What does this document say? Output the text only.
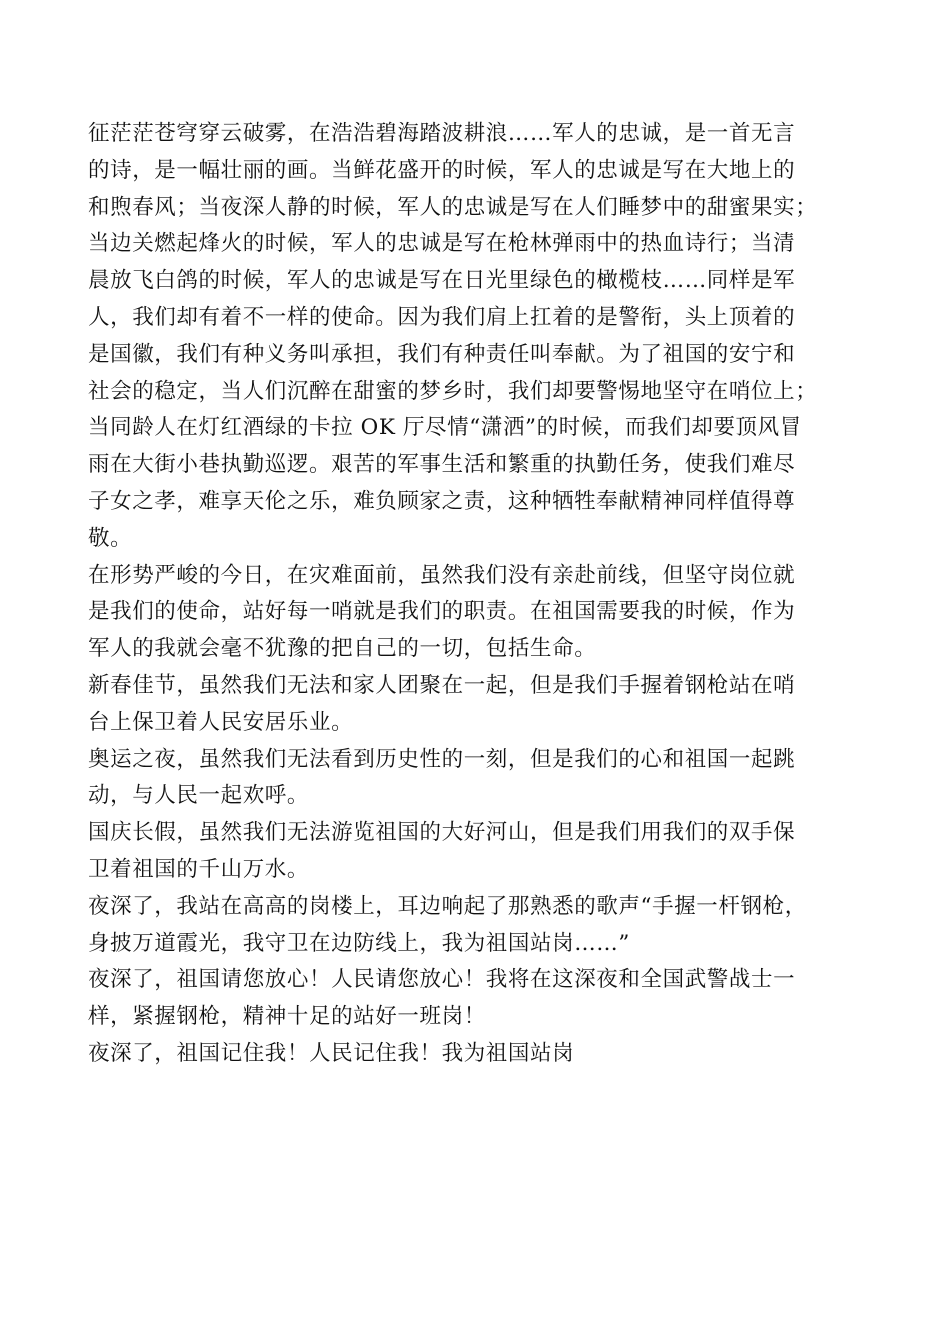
征茫茫苍穹穿云破雾，在浩浩碧海踏波耕浪……军人的忠诚，是一首无言
的诗，是一幅壮丽的画。当鲜花盛开的时候，军人的忠诚是写在大地上的
和煦春风；当夜深人静的时候，军人的忠诚是写在人们睡梦中的甜蜜果实；
当边关燃起烽火的时候，军人的忠诚是写在枪林弹雨中的热血诗行；当清
晨放飞白鸽的时候，军人的忠诚是写在日光里绿色的橄榄枝……同样是军
人，我们却有着不一样的使命。因为我们肩上扛着的是警衔，头上顶着的
是国徽，我们有种义务叫承担，我们有种责任叫奉献。为了祖国的安宁和
社会的稳定，当人们沉醉在甜蜜的梦乡时，我们却要警惕地坚守在哨位上；
当同龄人在灯红酒绿的卡拉 OK 厅尽情“潇洒”的时候，而我们却要顶风冒
雨在大街小巷执勤巡逻。艰苦的军事生活和繁重的执勤任务，使我们难尽
子女之孝，难享天伦之乐，难负顾家之责，这种牺牲奉献精神同样值得尊
敬。
在形势严峻的今日，在灾难面前，虽然我们没有亲赴前线，但坚守岗位就
是我们的使命，站好每一哨就是我们的职责。在祖国需要我的时候，作为
军人的我就会毫不犹豫的把自己的一切，包括生命。
新春佳节，虽然我们无法和家人团聚在一起，但是我们手握着钢枪站在哨
台上保卫着人民安居乐业。
奥运之夜，虽然我们无法看到历史性的一刻，但是我们的心和祖国一起跳
动，与人民一起欢呼。
国庆长假，虽然我们无法游览祖国的大好河山，但是我们用我们的双手保
卫着祖国的千山万水。
夜深了，我站在高高的岗楼上，耳边响起了那熟悉的歌声“手握一杆钢枪，
身披万道霞光，我守卫在边防线上，我为祖国站岗……”
夜深了，祖国请您放心！人民请您放心！我将在这深夜和全国武警战士一
样，紧握钢枪，精神十足的站好一班岗！
夜深了，祖国记住我！人民记住我！我为祖国站岗
